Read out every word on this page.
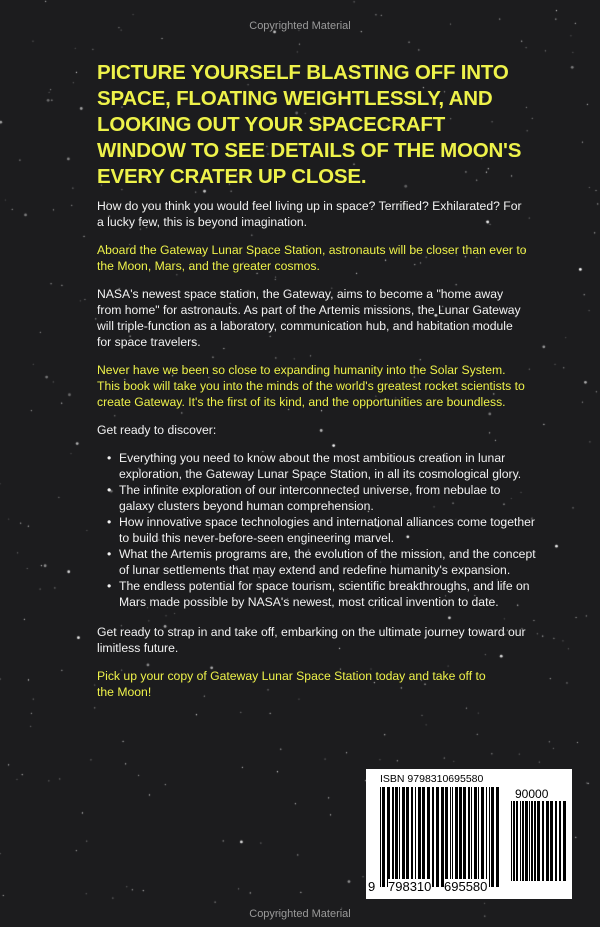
Copyrighted Material
PICTURE YOURSELF BLASTING OFF INTO SPACE, FLOATING WEIGHTLESSLY, AND LOOKING OUT YOUR SPACECRAFT WINDOW TO SEE DETAILS OF THE MOON'S EVERY CRATER UP CLOSE.
How do you think you would feel living up in space? Terrified? Exhilarated? For a lucky few, this is beyond imagination.
Aboard the Gateway Lunar Space Station, astronauts will be closer than ever to the Moon, Mars, and the greater cosmos.
NASA's newest space station, the Gateway, aims to become a "home away from home" for astronauts. As part of the Artemis missions, the Lunar Gateway will triple-function as a laboratory, communication hub, and habitation module for space travelers.
Never have we been so close to expanding humanity into the Solar System. This book will take you into the minds of the world's greatest rocket scientists to create Gateway. It's the first of its kind, and the opportunities are boundless.
Get ready to discover:
• Everything you need to know about the most ambitious creation in lunar exploration, the Gateway Lunar Space Station, in all its cosmological glory.
• The infinite exploration of our interconnected universe, from nebulae to galaxy clusters beyond human comprehension.
• How innovative space technologies and international alliances come together to build this never-before-seen engineering marvel.
• What the Artemis programs are, the evolution of the mission, and the concept of lunar settlements that may extend and redefine humanity's expansion.
• The endless potential for space tourism, scientific breakthroughs, and life on Mars made possible by NASA's newest, most critical invention to date.
Get ready to strap in and take off, embarking on the ultimate journey toward our limitless future.
Pick up your copy of Gateway Lunar Space Station today and take off to the Moon!
ISBN 9798310695580
90000
9 798310 695580
Copyrighted Material
